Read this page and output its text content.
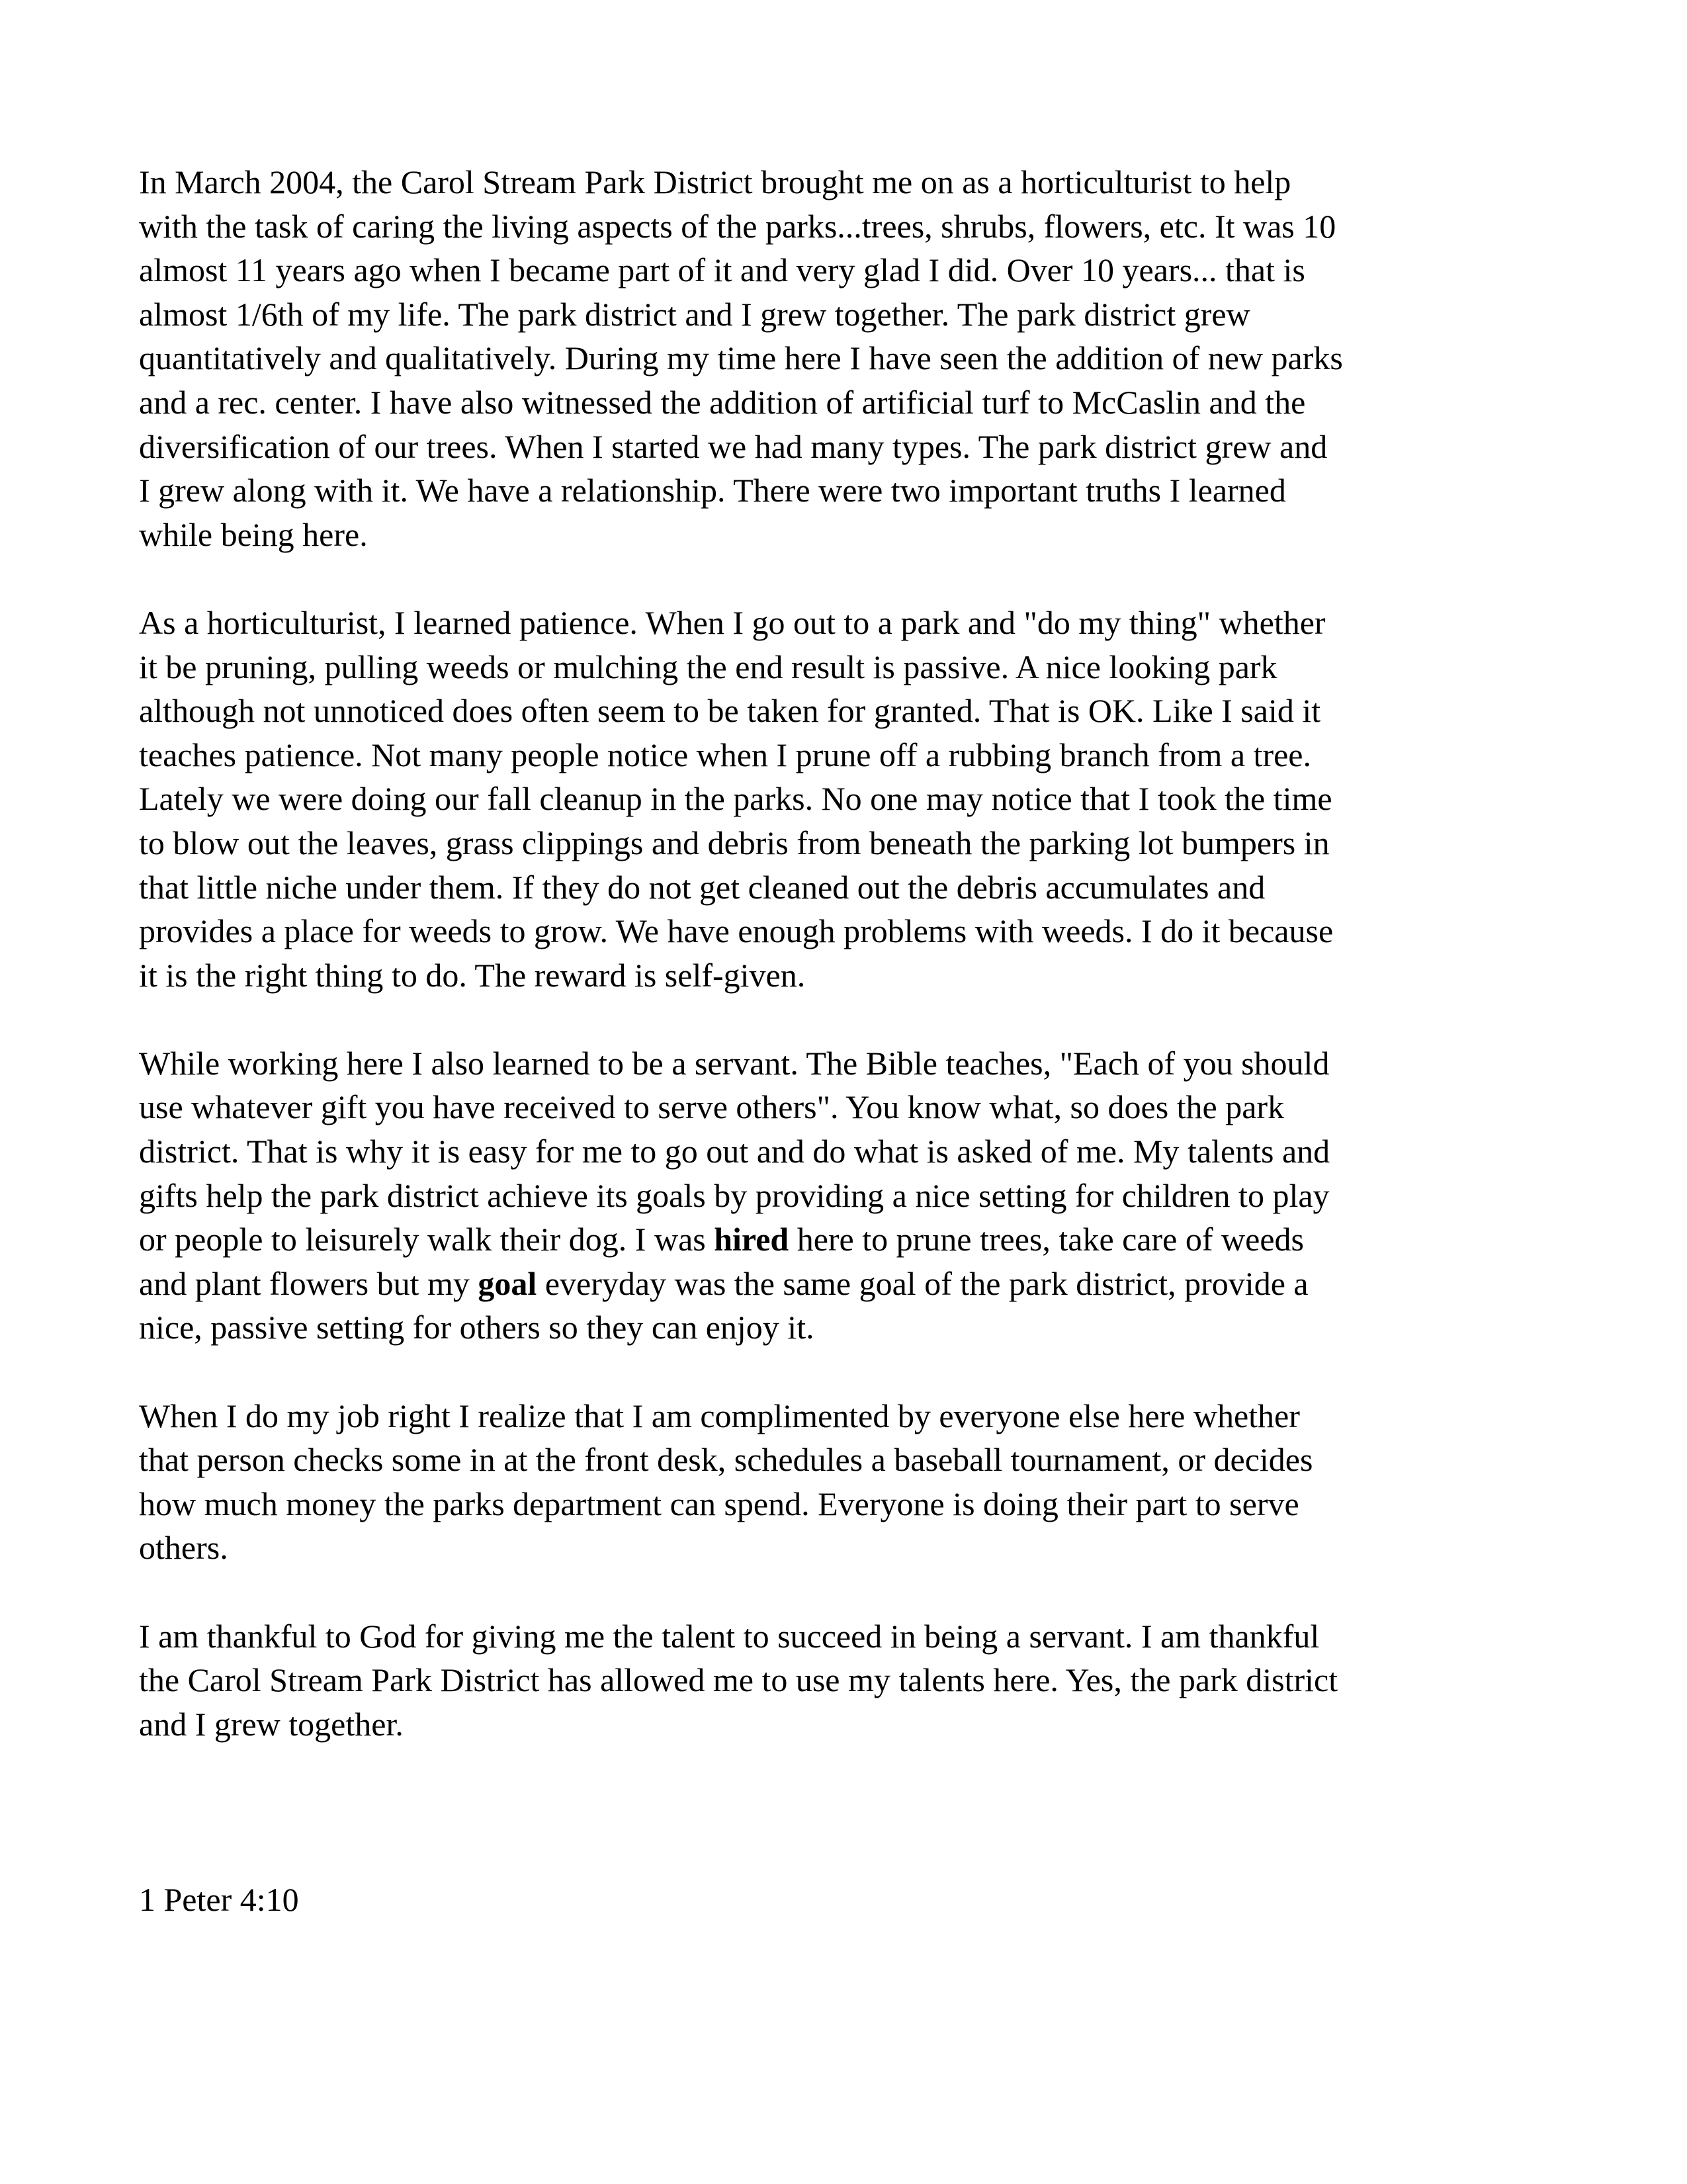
In March 2004, the Carol Stream Park District brought me on as a horticulturist to help
with the task of caring the living aspects of the parks...trees, shrubs, flowers, etc. It was 10
almost 11 years ago when I became part of it and very glad I did. Over 10 years... that is
almost 1/6th of my life. The park district and I grew together. The park district grew
quantitatively and qualitatively. During my time here I have seen the addition of new parks
and a rec. center. I have also witnessed the addition of artificial turf to McCaslin and the
diversification of our trees. When I started we had many types. The park district grew and
I grew along with it. We have a relationship. There were two important truths I learned
while being here.

As a horticulturist, I learned patience. When I go out to a park and "do my thing" whether
it be pruning, pulling weeds or mulching the end result is passive. A nice looking park
although not unnoticed does often seem to be taken for granted. That is OK. Like I said it
teaches patience. Not many people notice when I prune off a rubbing branch from a tree.
Lately we were doing our fall cleanup in the parks. No one may notice that I took the time
to blow out the leaves, grass clippings and debris from beneath the parking lot bumpers in
that little niche under them. If they do not get cleaned out the debris accumulates and
provides a place for weeds to grow. We have enough problems with weeds. I do it because
it is the right thing to do. The reward is self-given.

While working here I also learned to be a servant. The Bible teaches, "Each of you should
use whatever gift you have received to serve others". You know what, so does the park
district. That is why it is easy for me to go out and do what is asked of me. My talents and
gifts help the park district achieve its goals by providing a nice setting for children to play
or people to leisurely walk their dog. I was hired here to prune trees, take care of weeds
and plant flowers but my goal everyday was the same goal of the park district, provide a
nice, passive setting for others so they can enjoy it.

When I do my job right I realize that I am complimented by everyone else here whether
that person checks some in at the front desk, schedules a baseball tournament, or decides
how much money the parks department can spend. Everyone is doing their part to serve
others.

I am thankful to God for giving me the talent to succeed in being a servant. I am thankful
the Carol Stream Park District has allowed me to use my talents here. Yes, the park district
and I grew together.

1 Peter 4:10
